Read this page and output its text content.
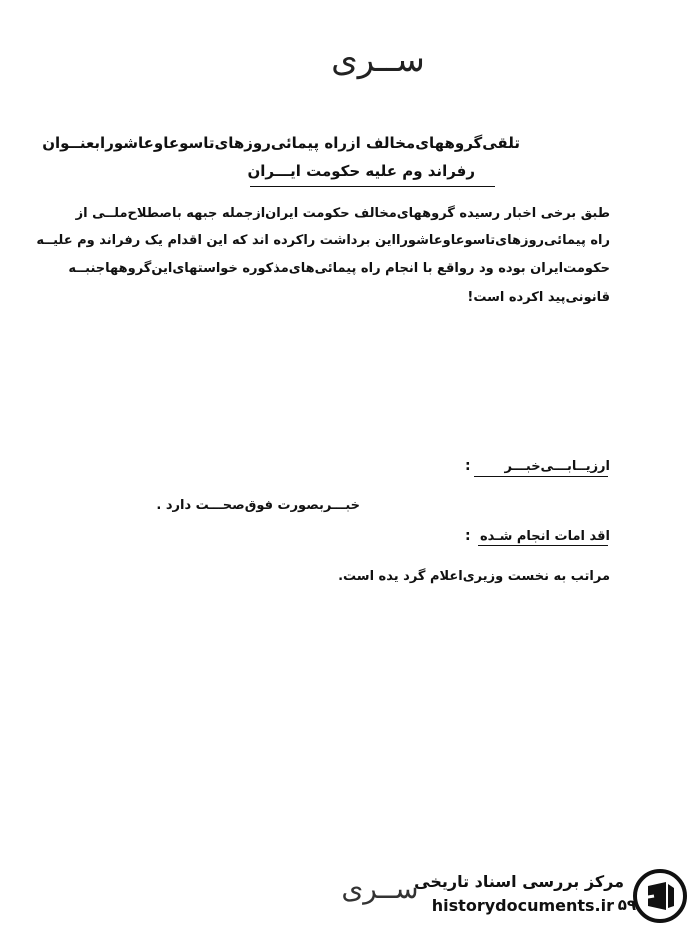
ســری
تلقی‌گروههای‌مخالف ازراه پیمائی‌روزهای‌تاسوعاوعاشورابعنــوان
رفراند وم علیه حکومت ایـــران
طبق برخی اخبار رسیده گروههای‌مخالف حکومت ایران‌ازجمله جبهه باصطلاح‌ملــی از
راه پیمائی‌روزهای‌تاسوعاوعاشورا‌این برداشت راکرده اند که این اقدام یک رفراند وم علیــه
حکومت‌ایران بوده ود رواقع با انجام راه پیمائی‌های‌مذکوره خواستهای‌این‌گروههاجنبــه
قانونی‌پید اکرده است!
ارزیــابـــی‌خبـــر
:
خبـــربصورت فوق‌صحـــت دارد .
اقد امات انجام شـده
:
مراتب به نخست وزیری‌اعلام گرد یده است.
ســری
مرکز بررسی اسناد تاریخی
historydocuments.ir ۵۹
